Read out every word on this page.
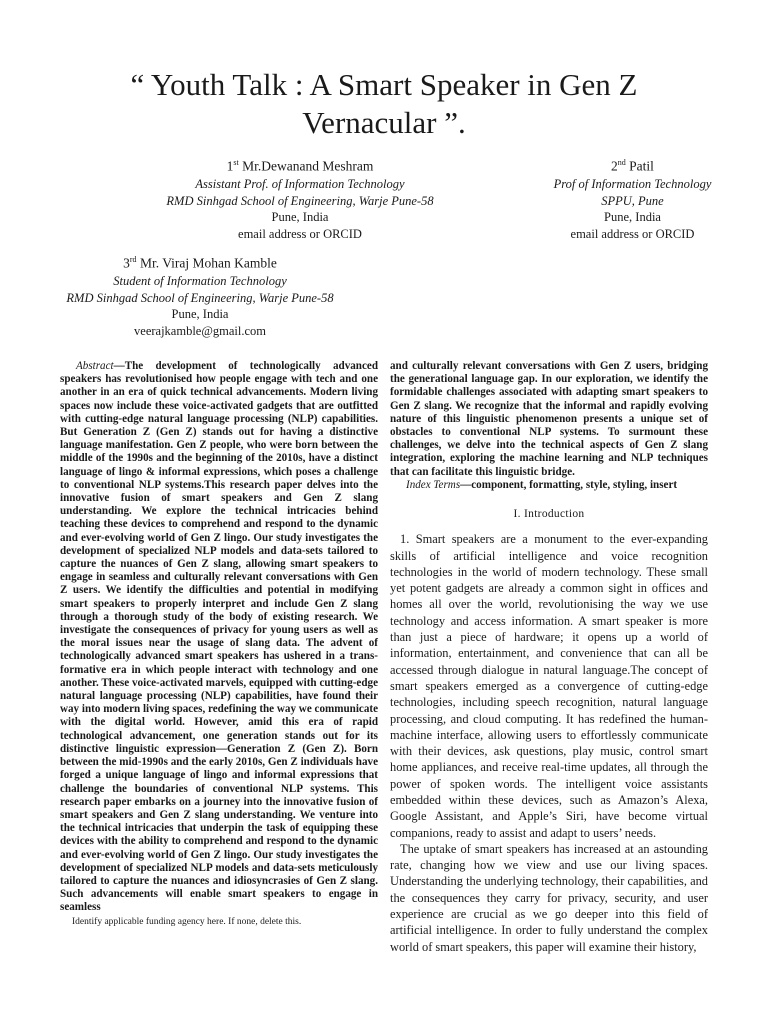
“ Youth Talk : A Smart Speaker in Gen Z Vernacular ”.
1st Mr.Dewanand Meshram
Assistant Prof. of Information Technology
RMD Sinhgad School of Engineering, Warje Pune-58
Pune, India
email address or ORCID
2nd Patil
Prof of Information Technology
SPPU, Pune
Pune, India
email address or ORCID
3rd Mr. Viraj Mohan Kamble
Student of Information Technology
RMD Sinhgad School of Engineering, Warje Pune-58
Pune, India
veerajkamble@gmail.com

Abstract—The development of technologically advanced speakers has revolutionised how people engage with tech and one another in an era of quick technical advancements. Modern living spaces now include these voice-activated gadgets that are outfitted with cutting-edge natural language processing (NLP) capabilities. But Generation Z (Gen Z) stands out for having a distinctive language manifestation. Gen Z people, who were born between the middle of the 1990s and the beginning of the 2010s, have a distinct language of lingo & informal expressions, which poses a challenge to conventional NLP systems.This research paper delves into the innovative fusion of smart speakers and Gen Z slang understanding. We explore the technical intricacies behind teaching these devices to comprehend and respond to the dynamic and ever-evolving world of Gen Z lingo. Our study investigates the development of specialized NLP models and data-sets tailored to capture the nuances of Gen Z slang, allowing smart speakers to engage in seamless and culturally relevant conversations with Gen Z users. We identify the difficulties and potential in modifying smart speakers to properly interpret and include Gen Z slang through a thorough study of the body of existing research. We investigate the consequences of privacy for young users as well as the moral issues near the usage of slang data. The advent of technologically advanced smart speakers has ushered in a trans-formative era in which people interact with technology and one another. These voice-activated marvels, equipped with cutting-edge natural language processing (NLP) capabilities, have found their way into modern living spaces, redefining the way we communicate with the digital world. However, amid this era of rapid technological advancement, one generation stands out for its distinctive linguistic expression—Generation Z (Gen Z). Born between the mid-1990s and the early 2010s, Gen Z individuals have forged a unique language of lingo and informal expressions that challenge the boundaries of conventional NLP systems. This research paper embarks on a journey into the innovative fusion of smart speakers and Gen Z slang understanding. We venture into the technical intricacies that underpin the task of equipping these devices with the ability to comprehend and respond to the dynamic and ever-evolving world of Gen Z lingo. Our study investigates the development of specialized NLP models and data-sets meticulously tailored to capture the nuances and idiosyncrasies of Gen Z slang. Such advancements will enable smart speakers to engage in seamless

and culturally relevant conversations with Gen Z users, bridging the generational language gap. In our exploration, we identify the formidable challenges associated with adapting smart speakers to Gen Z slang. We recognize that the informal and rapidly evolving nature of this linguistic phenomenon presents a unique set of obstacles to conventional NLP systems. To surmount these challenges, we delve into the technical aspects of Gen Z slang integration, exploring the machine learning and NLP techniques that can facilitate this linguistic bridge.

Index Terms—component, formatting, style, styling, insert

I. Introduction

1. Smart speakers are a monument to the ever-expanding skills of artificial intelligence and voice recognition technologies in the world of modern technology. These small yet potent gadgets are already a common sight in offices and homes all over the world, revolutionising the way we use technology and access information. A smart speaker is more than just a piece of hardware; it opens up a world of information, entertainment, and convenience that can all be accessed through dialogue in natural language.The concept of smart speakers emerged as a convergence of cutting-edge technologies, including speech recognition, natural language processing, and cloud computing. It has redefined the human-machine interface, allowing users to effortlessly communicate with their devices, ask questions, play music, control smart home appliances, and receive real-time updates, all through the power of spoken words. The intelligent voice assistants embedded within these devices, such as Amazon’s Alexa, Google Assistant, and Apple’s Siri, have become virtual companions, ready to assist and adapt to users’ needs.

The uptake of smart speakers has increased at an astounding rate, changing how we view and use our living spaces. Understanding the underlying technology, their capabilities, and the consequences they carry for privacy, security, and user experience are crucial as we go deeper into this field of artificial intelligence. In order to fully understand the complex world of smart speakers, this paper will examine their history,

Identify applicable funding agency here. If none, delete this.
